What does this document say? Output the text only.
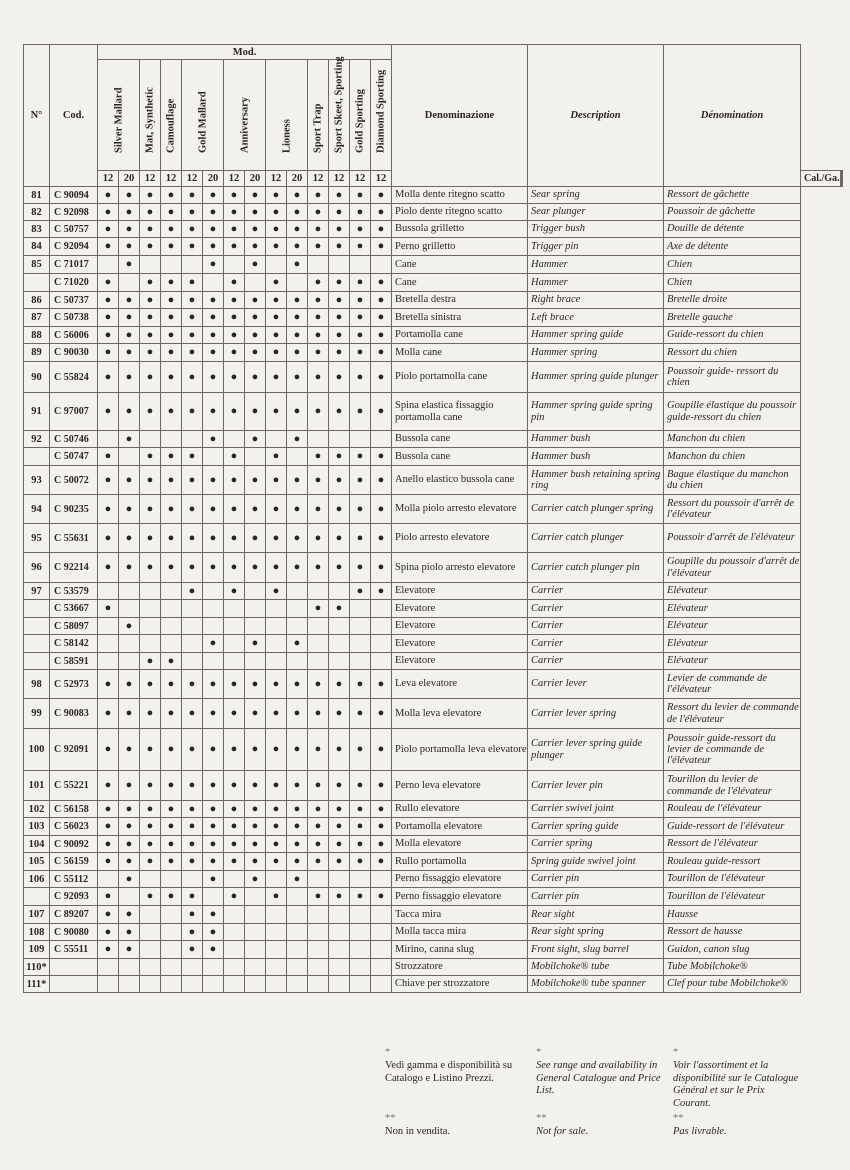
N°	Cod.	Mod.														Denominazione	Description	Dénomination		

		Silver Mallard		Mat, Synthetic	Camouflage	Gold Mallard		Anniversary		Lioness		Sport Trap	Sport Skeet, Sporting	Gold Sporting	Diamond Sporting					

		12	20	12	12	12	20	12	20	12	20	12	12	12	12				Cal./Ga.		
81	C 90094	●	●	●	●	●	●	●	●	●	●	●	●	●	●	Molla dente ritegno scatto	Sear spring	Ressort de gâchette		
82	C 92098	●	●	●	●	●	●	●	●	●	●	●	●	●	●	Piolo dente ritegno scatto	Sear plunger	Poussoir de gâchette		
83	C 50757	●	●	●	●	●	●	●	●	●	●	●	●	●	●	Bussola grilletto	Trigger bush	Douille de détente		
84	C 92094	●	●	●	●	●	●	●	●	●	●	●	●	●	●	Perno grilletto	Trigger pin	Axe de détente		
85	C 71017		●				●		●		●					Cane	Hammer	Chien		
	C 71020	●		●	●	●		●		●		●	●	●	●	Cane	Hammer	Chien		
86	C 50737	●	●	●	●	●	●	●	●	●	●	●	●	●	●	Bretella destra	Right brace	Bretelle droite		
87	C 50738	●	●	●	●	●	●	●	●	●	●	●	●	●	●	Bretella sinistra	Left brace	Bretelle gauche		
88	C 56006	●	●	●	●	●	●	●	●	●	●	●	●	●	●	Portamolla cane	Hammer spring guide	Guide-ressort du chien		
89	C 90030	●	●	●	●	●	●	●	●	●	●	●	●	●	●	Molla cane	Hammer spring	Ressort du chien		
90	C 55824	●	●	●	●	●	●	●	●	●	●	●	●	●	●	Piolo portamolla cane	Hammer spring guide plunger	Poussoir guide- ressort du chien		
91	C 97007	●	●	●	●	●	●	●	●	●	●	●	●	●	●	Spina elastica fissaggio portamolla cane	Hammer spring guide spring pin	Goupille élastique du poussoir guide-ressort du chien		
92	C 50746		●				●		●		●					Bussola cane	Hammer bush	Manchon du chien		
	C 50747	●		●	●	●		●		●		●	●	●	●	Bussola cane	Hammer bush	Manchon du chien		
93	C 50072	●	●	●	●	●	●	●	●	●	●	●	●	●	●	Anello elastico bussola cane	Hammer bush retaining spring ring	Bague élastique du manchon du chien		
94	C 90235	●	●	●	●	●	●	●	●	●	●	●	●	●	●	Molla piolo arresto elevatore	Carrier catch plunger spring	Ressort du poussoir d'arrêt de l'élévateur		
95	C 55631	●	●	●	●	●	●	●	●	●	●	●	●	●	●	Piolo arresto elevatore	Carrier catch plunger	Poussoir d'arrêt de l'élévateur		
96	C 92214	●	●	●	●	●	●	●	●	●	●	●	●	●	●	Spina piolo arresto elevatore	Carrier catch plunger pin	Goupille du poussoir d'arrêt de l'élévateur		
97	C 53579					●		●		●				●	●	Elevatore	Carrier	Elévateur		
	C 53667	●										●	●			Elevatore	Carrier	Elévateur		
	C 58097		●													Elevatore	Carrier	Elévateur		
	C 58142						●		●		●					Elevatore	Carrier	Elévateur		
	C 58591			●	●											Elevatore	Carrier	Elévateur		
98	C 52973	●	●	●	●	●	●	●	●	●	●	●	●	●	●	Leva elevatore	Carrier lever	Levier de commande de l'élévateur		
99	C 90083	●	●	●	●	●	●	●	●	●	●	●	●	●	●	Molla leva elevatore	Carrier lever spring	Ressort du levier de commande de l'élévateur		
100	C 92091	●	●	●	●	●	●	●	●	●	●	●	●	●	●	Piolo portamolla leva elevatore	Carrier lever spring guide plunger	Poussoir guide-ressort du levier de commande de l'élévateur		
101	C 55221	●	●	●	●	●	●	●	●	●	●	●	●	●	●	Perno leva elevatore	Carrier lever pin	Tourillon du levier de commande de l'élévateur		
102	C 56158	●	●	●	●	●	●	●	●	●	●	●	●	●	●	Rullo elevatore	Carrier swivel joint	Rouleau de l'élévateur		
103	C 56023	●	●	●	●	●	●	●	●	●	●	●	●	●	●	Portamolla elevatore	Carrier spring guide	Guide-ressort de l'élévateur		
104	C 90092	●	●	●	●	●	●	●	●	●	●	●	●	●	●	Molla elevatore	Carrier spring	Ressort de l'élévateur		
105	C 56159	●	●	●	●	●	●	●	●	●	●	●	●	●	●	Rullo portamolla	Spring guide swivel joint	Rouleau guide-ressort		
106	C 55112		●				●		●		●					Perno fissaggio elevatore	Carrier pin	Tourillon de l'élévateur		
	C 92093	●		●	●	●		●		●		●	●	●	●	Perno fissaggio elevatore	Carrier pin	Tourillon de l'élévateur		
107	C 89207	●	●			●	●									Tacca mira	Rear sight	Hausse		
108	C 90080	●	●			●	●									Molla tacca mira	Rear sight spring	Ressort de hausse		
109	C 55511	●	●			●	●									Mirino, canna slug	Front sight, slug barrel	Guidon, canon slug		
110*																Strozzatore	Mobilchoke® tube	Tube Mobilchoke®		
111*																Chiave per strozzatore	Mobilchoke® tube spanner	Clef pour tube Mobilchoke®		
*	*	*
Vedi gamma e disponibilità su Catalogo e Listino Prezzi.
See range and availability in General Catalogue and Price List.
Voir l'assortiment et la disponibilité sur le Catalogue Général et sur le Prix Courant.
**	**	**
Non in vendita.	Not for sale.	Pas livrable.
